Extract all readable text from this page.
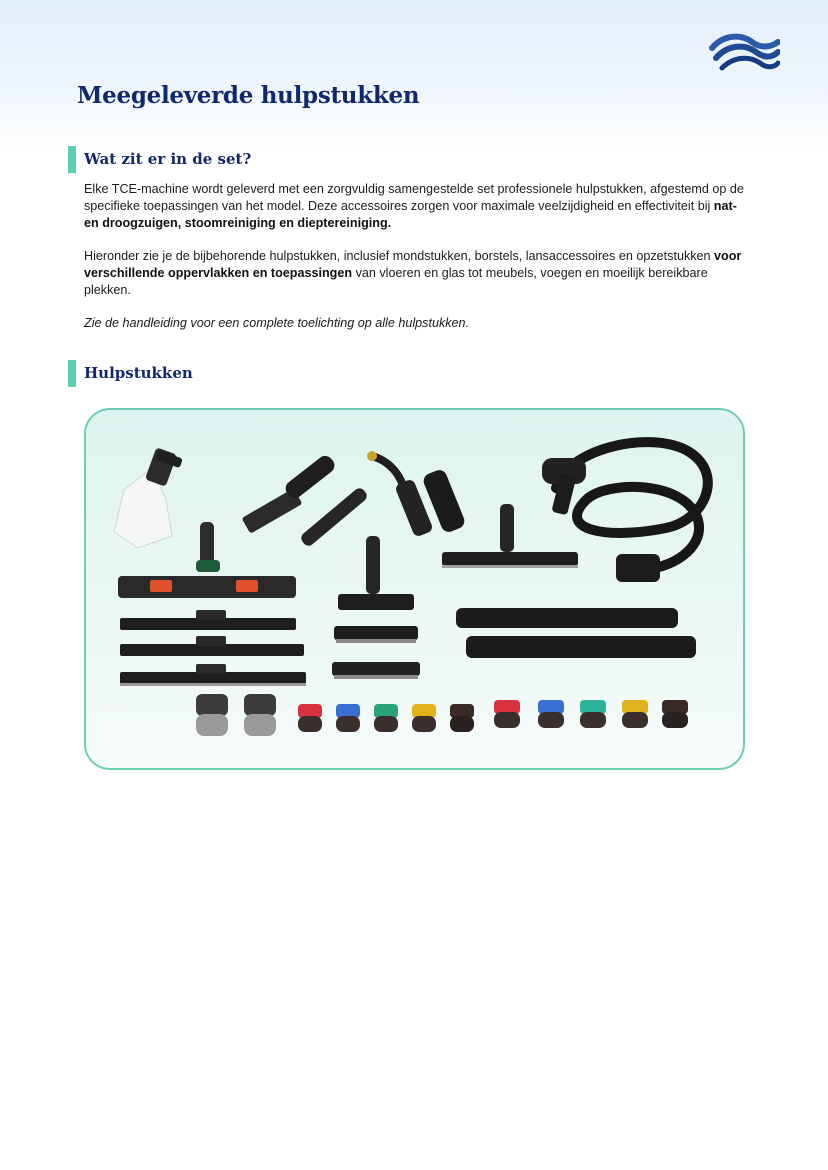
Meegeleverde hulpstukken
Wat zit er in de set?

Elke TCE-machine wordt geleverd met een zorgvuldig samengestelde set professionele hulpstukken, afgestemd op de specifieke toepassingen van het model. Deze accessoires zorgen voor maximale veelzijdigheid en effectiviteit bij nat- en droogzuigen, stoomreiniging en dieptereiniging.

Hieronder zie je de bijbehorende hulpstukken, inclusief mondstukken, borstels, lansaccessoires en opzetstukken voor verschillende oppervlakken en toepassingen van vloeren en glas tot meubels, voegen en moeilijk bereikbare plekken.

Zie de handleiding voor een complete toelichting op alle hulpstukken.

Hulpstukken
